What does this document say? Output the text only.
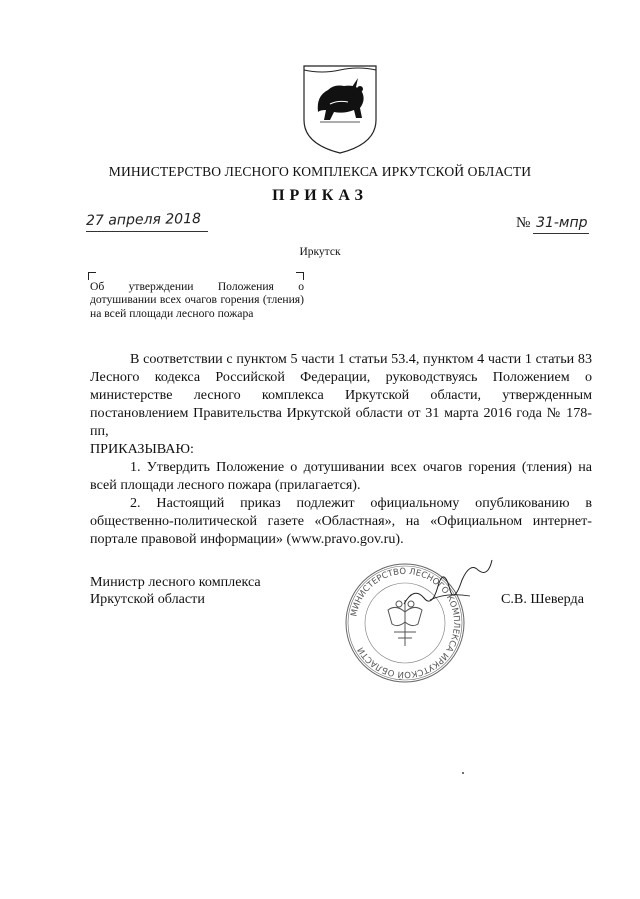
МИНИСТЕРСТВО ЛЕСНОГО КОМПЛЕКСА ИРКУТСКОЙ ОБЛАСТИ
ПРИКАЗ
27 апреля 2018	№ 31-мпр
Иркутск
Об утверждении Положения о дотушивании всех очагов горения (тления) на всей площади лесного пожара

В соответствии с пунктом 5 части 1 статьи 53.4, пунктом 4 части 1 статьи 83 Лесного кодекса Российской Федерации, руководствуясь Положением о министерстве лесного комплекса Иркутской области, утвержденным постановлением Правительства Иркутской области от 31 марта 2016 года № 178-пп,

ПРИКАЗЫВАЮ:

1. Утвердить Положение о дотушивании всех очагов горения (тления) на всей площади лесного пожара (прилагается).

2. Настоящий приказ подлежит официальному опубликованию в общественно-политической газете «Областная», на «Официальном интернет-портале правовой информации» (www.pravo.gov.ru).

МИНИСТЕРСТВО ЛЕСНОГО КОМПЛЕКСА ИРКУТСКОЙ ОБЛАСТИ
Министр лесного комплекса
Иркутской области	С.В. Шеверда
